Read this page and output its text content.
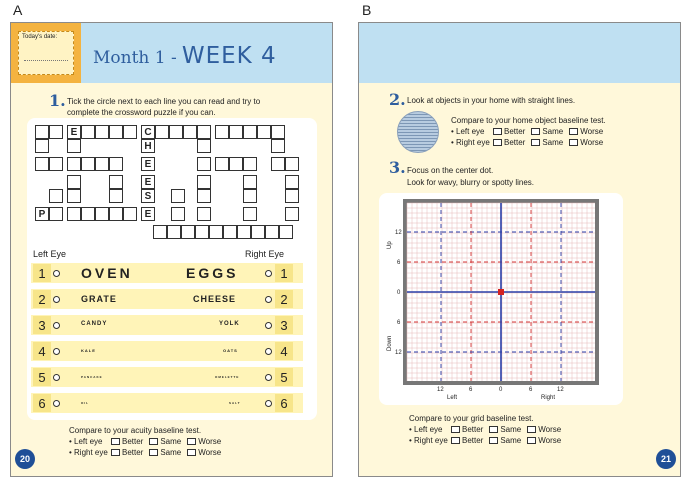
A	B
Today's date:
Month 1 - WEEK 4
1. Tick the circle next to each line you can read and try to
complete the crossword puzzle if you can.
E	C
H
E
E
S
P	E
Left Eye	Right Eye
1	OVEN	EGGS	1
2	GRATE	CHEESE	2
3	CANDY	YOLK	3
4	KALE	OATS	4
5	PANCAKE	OMELETTE	5
6	OIL	SALT	6
Compare to your acuity baseline test.
• Left eye	Better Same Worse
• Right eye	Better Same Worse
20
2. Look at objects in your home with straight lines.
Compare to your home object baseline test.
• Left eye	Better Same Worse
• Right eye	Better Same Worse
3. Focus on the center dot.
Look for wavy, blurry or spotty lines.
Up
Down
12
6
0
6
12
12	6	0	6	12
Left	Right
Compare to your grid baseline test.
• Left eye	Better Same Worse
• Right eye	Better Same Worse
21
